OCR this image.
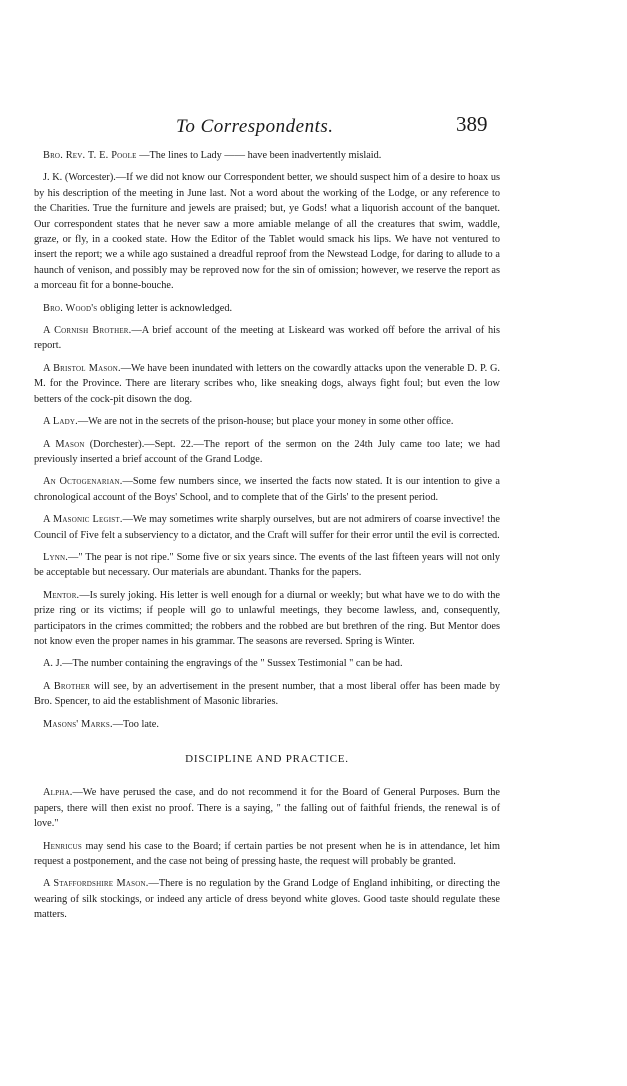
To Correspondents.	389

Bro. Rev. T. E. Poole —The lines to Lady —— have been inadvertently mislaid.

J. K. (Worcester).—If we did not know our Correspondent better, we should suspect him of a desire to hoax us by his description of the meeting in June last. Not a word about the working of the Lodge, or any reference to the Charities. True the furniture and jewels are praised; but, ye Gods! what a liquorish account of the banquet. Our correspondent states that he never saw a more amiable melange of all the creatures that swim, waddle, graze, or fly, in a cooked state. How the Editor of the Tablet would smack his lips. We have not ventured to insert the report; we a while ago sustained a dreadful reproof from the Newstead Lodge, for daring to allude to a haunch of venison, and possibly may be reproved now for the sin of omission; however, we reserve the report as a morceau fit for a bonne-bouche.

Bro. Wood's obliging letter is acknowledged.

A Cornish Brother.—A brief account of the meeting at Liskeard was worked off before the arrival of his report.

A Bristol Mason.—We have been inundated with letters on the cowardly attacks upon the venerable D. P. G. M. for the Province. There are literary scribes who, like sneaking dogs, always fight foul; but even the low betters of the cock-pit disown the dog.

A Lady.—We are not in the secrets of the prison-house; but place your money in some other office.

A Mason (Dorchester).—Sept. 22.—The report of the sermon on the 24th July came too late; we had previously inserted a brief account of the Grand Lodge.

An Octogenarian.—Some few numbers since, we inserted the facts now stated. It is our intention to give a chronological account of the Boys' School, and to complete that of the Girls' to the present period.

A Masonic Legist.—We may sometimes write sharply ourselves, but are not admirers of coarse invective! the Council of Five felt a subserviency to a dictator, and the Craft will suffer for their error until the evil is corrected.

Lynn.—" The pear is not ripe." Some five or six years since. The events of the last fifteen years will not only be acceptable but necessary. Our materials are abundant. Thanks for the papers.

Mentor.—Is surely joking. His letter is well enough for a diurnal or weekly; but what have we to do with the prize ring or its victims; if people will go to unlawful meetings, they become lawless, and, consequently, participators in the crimes committed; the robbers and the robbed are but brethren of the ring. But Mentor does not know even the proper names in his grammar. The seasons are reversed. Spring is Winter.

A. J.—The number containing the engravings of the " Sussex Testimonial " can be had.

A Brother will see, by an advertisement in the present number, that a most liberal offer has been made by Bro. Spencer, to aid the establishment of Masonic libraries.

Masons' Marks.—Too late.

DISCIPLINE AND PRACTICE.

Alpha.—We have perused the case, and do not recommend it for the Board of General Purposes. Burn the papers, there will then exist no proof. There is a saying, " the falling out of faithful friends, the renewal is of love."

Henricus may send his case to the Board; if certain parties be not present when he is in attendance, let him request a postponement, and the case not being of pressing haste, the request will probably be granted.

A Staffordshire Mason.—There is no regulation by the Grand Lodge of England inhibiting, or directing the wearing of silk stockings, or indeed any article of dress beyond white gloves. Good taste should regulate these matters.
